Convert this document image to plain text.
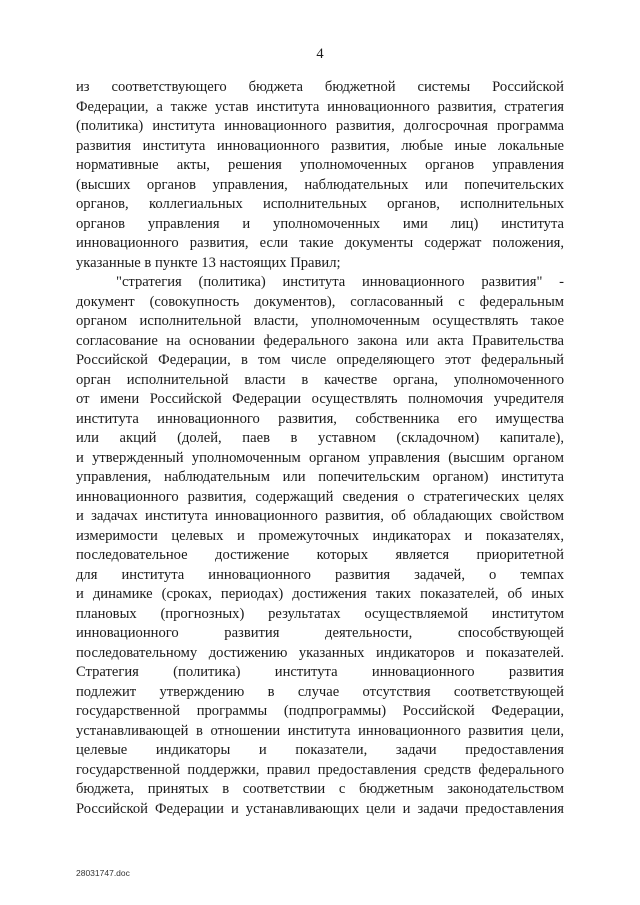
4

из соответствующего бюджета бюджетной системы Российской
Федерации, а также устав института инновационного развития, стратегия
(политика) института инновационного развития, долгосрочная программа
развития института инновационного развития, любые иные локальные
нормативные акты, решения уполномоченных органов управления
(высших органов управления, наблюдательных или попечительских
органов, коллегиальных исполнительных органов, исполнительных
органов управления и уполномоченных ими лиц) института
инновационного развития, если такие документы содержат положения,
указанные в пункте 13 настоящих Правил;
"стратегия (политика) института инновационного развития" -
документ (совокупность документов), согласованный с федеральным
органом исполнительной власти, уполномоченным осуществлять такое
согласование на основании федерального закона или акта Правительства
Российской Федерации, в том числе определяющего этот федеральный
орган исполнительной власти в качестве органа, уполномоченного
от имени Российской Федерации осуществлять полномочия учредителя
института инновационного развития, собственника его имущества
или акций (долей, паев в уставном (складочном) капитале),
и утвержденный уполномоченным органом управления (высшим органом
управления, наблюдательным или попечительским органом) института
инновационного развития, содержащий сведения о стратегических целях
и задачах института инновационного развития, об обладающих свойством
измеримости целевых и промежуточных индикаторах и показателях,
последовательное достижение которых является приоритетной
для института инновационного развития задачей, о темпах
и динамике (сроках, периодах) достижения таких показателей, об иных
плановых (прогнозных) результатах осуществляемой институтом
инновационного развития деятельности, способствующей
последовательному достижению указанных индикаторов и показателей.
Стратегия (политика) института инновационного развития
подлежит утверждению в случае отсутствия соответствующей
государственной программы (подпрограммы) Российской Федерации,
устанавливающей в отношении института инновационного развития цели,
целевые индикаторы и показатели, задачи предоставления
государственной поддержки, правил предоставления средств федерального
бюджета, принятых в соответствии с бюджетным законодательством
Российской Федерации и устанавливающих цели и задачи предоставления

28031747.doc
